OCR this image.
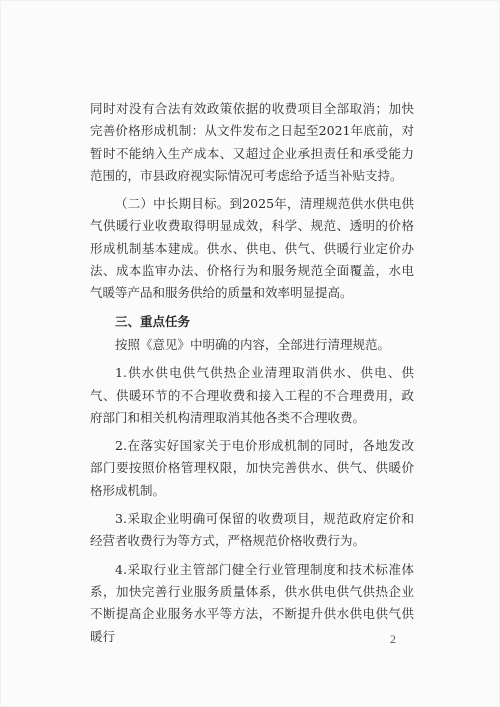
同时对没有合法有效政策依据的收费项目全部取消；加快完善价格形成机制：从文件发布之日起至2021年底前，对暂时不能纳入生产成本、又超过企业承担责任和承受能力范围的，市县政府视实际情况可考虑给予适当补贴支持。

（二）中长期目标。到2025年，清理规范供水供电供气供暖行业收费取得明显成效，科学、规范、透明的价格形成机制基本建成。供水、供电、供气、供暖行业定价办法、成本监审办法、价格行为和服务规范全面覆盖，水电气暖等产品和服务供给的质量和效率明显提高。

三、重点任务

按照《意见》中明确的内容，全部进行清理规范。

1.供水供电供气供热企业清理取消供水、供电、供气、供暖环节的不合理收费和接入工程的不合理费用，政府部门和相关机构清理取消其他各类不合理收费。

2.在落实好国家关于电价形成机制的同时，各地发改部门要按照价格管理权限，加快完善供水、供气、供暖价格形成机制。

3.采取企业明确可保留的收费项目，规范政府定价和经营者收费行为等方式，严格规范价格收费行为。

4.采取行业主管部门健全行业管理制度和技术标准体系，加快完善行业服务质量体系，供水供电供气供热企业不断提高企业服务水平等方法，不断提升供水供电供气供暖行	2
